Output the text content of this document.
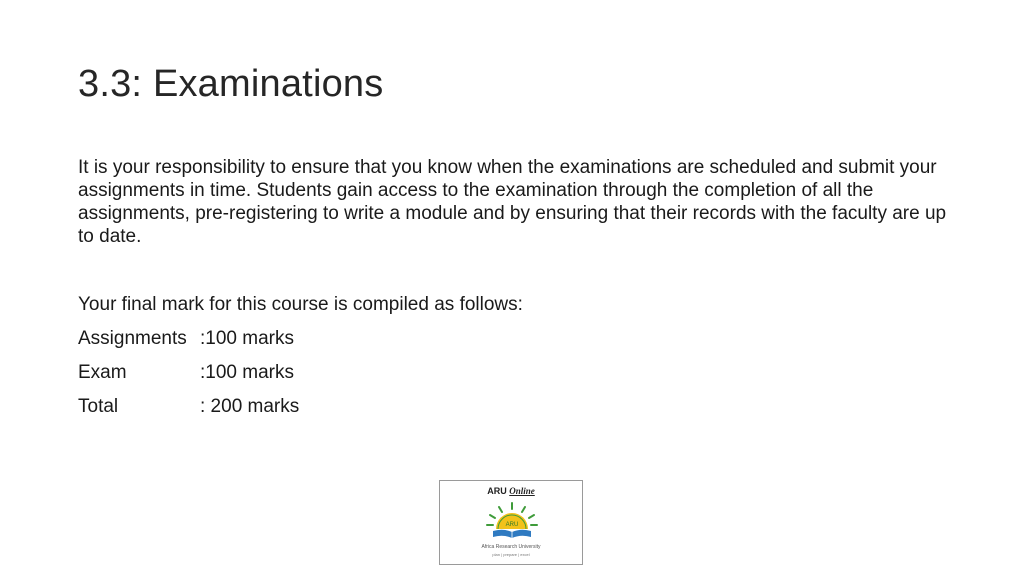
3.3: Examinations

It is your responsibility to ensure that you know when the examinations are scheduled and submit your assignments in time. Students gain access to the examination through the completion of all the assignments, pre-registering to write a module and by ensuring that their records with the faculty are up to date.

Your final mark for this course is compiled as follows:

Assignments :100 marks
Exam	:100 marks
Total	: 200 marks
ARU Online
ARU
Africa Research University
plan | prepare | excel
